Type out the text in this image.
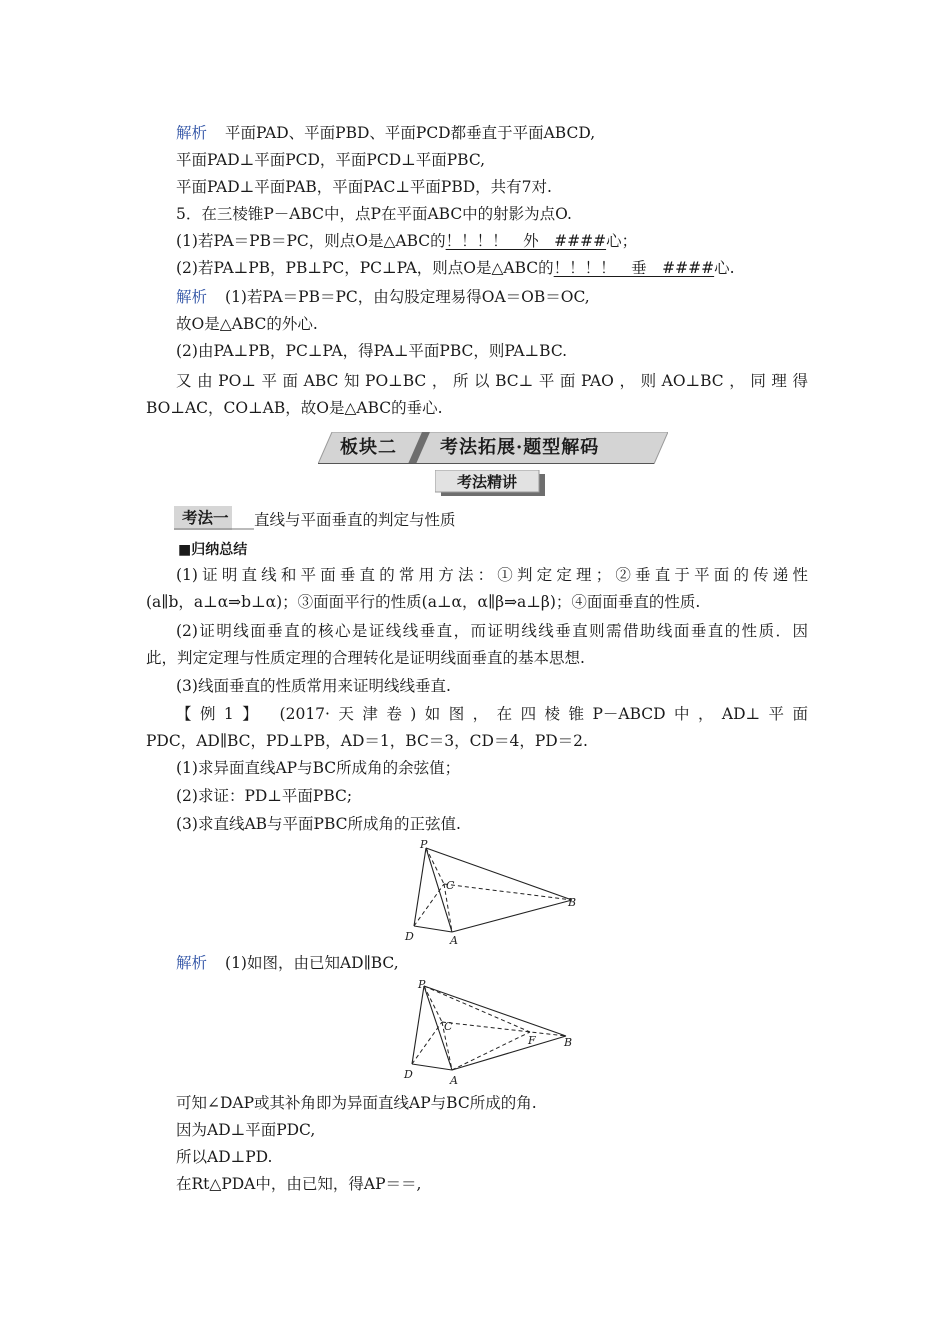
解析 平面PAD、平面PBD、平面PCD都垂直于平面ABCD,
平面PAD⊥平面PCD，平面PCD⊥平面PBC,
平面PAD⊥平面PAB，平面PAC⊥平面PBD，共有7对.
5．在三棱锥P－ABC中，点P在平面ABC中的射影为点O.
(1)若PA＝PB＝PC，则点O是△ABC的！！！！　外　####心；
(2)若PA⊥PB，PB⊥PC，PC⊥PA，则点O是△ABC的！！！！　垂　####心.
解析 (1)若PA＝PB＝PC，由勾股定理易得OA＝OB＝OC,
故O是△ABC的外心.
(2)由PA⊥PB，PC⊥PA，得PA⊥平面PBC，则PA⊥BC.
又由PO⊥平面ABC知PO⊥BC，所以BC⊥平面PAO，则AO⊥BC，同理得
BO⊥AC，CO⊥AB，故O是△ABC的垂心.
板块二 考法拓展·题型解码
考法精讲
考法一 直线与平面垂直的判定与性质
■归纳总结
(1)证明直线和平面垂直的常用方法：①判定定理；②垂直于平面的传递性
(a∥b，a⊥α⇒b⊥α)；③面面平行的性质(a⊥α，α∥β⇒a⊥β)；④面面垂直的性质.
(2)证明线面垂直的核心是证线线垂直，而证明线线垂直则需借助线面垂直的性质．因
此，判定定理与性质定理的合理转化是证明线面垂直的基本思想.
(3)线面垂直的性质常用来证明线线垂直.
【例1】 (2017·天津卷)如图，在四棱锥P－ABCD中，AD⊥平面
PDC，AD∥BC，PD⊥PB，AD＝1，BC＝3，CD＝4，PD＝2.
(1)求异面直线AP与BC所成角的余弦值；
(2)求证：PD⊥平面PBC;
(3)求直线AB与平面PBC所成角的正弦值.
P
C
B
D	A
解析 (1)如图，由已知AD∥BC,
P
C
F	B
D	A
可知∠DAP或其补角即为异面直线AP与BC所成的角.
因为AD⊥平面PDC,
所以AD⊥PD.
在Rt△PDA中，由已知，得AP＝＝,
